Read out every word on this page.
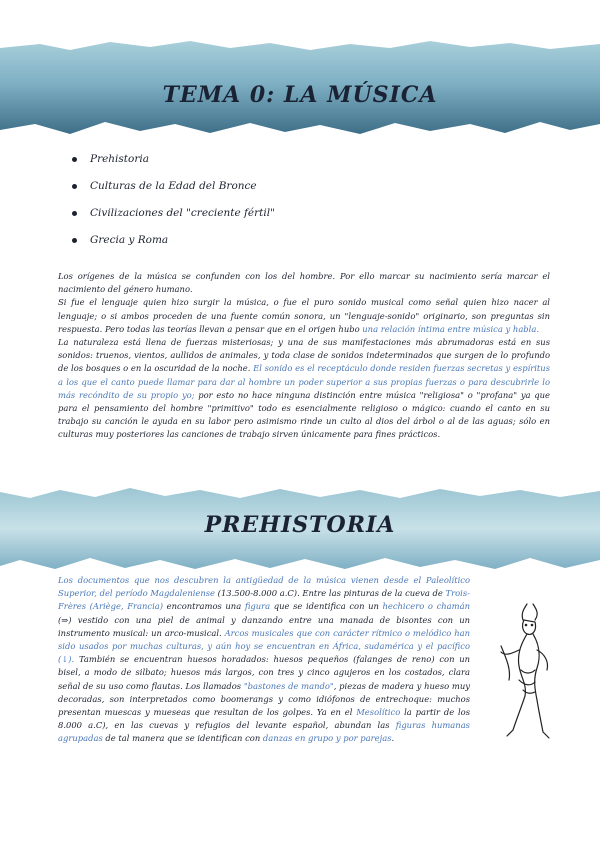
TEMA 0: LA MÚSICA
Prehistoria
Culturas de la Edad del Bronce
Civilizaciones del "creciente fértil"
Grecia y Roma
Los orígenes de la música se confunden con los del hombre. Por ello marcar su nacimiento sería marcar el nacimiento del género humano.
Si fue el lenguaje quien hizo surgir la música, o fue el puro sonido musical como señal quien hizo nacer al lenguaje; o si ambos proceden de una fuente común sonora, un "lenguaje-sonido" originario, son preguntas sin respuesta. Pero todas las teorías llevan a pensar que en el origen hubo una relación íntima entre música y habla.
La naturaleza está llena de fuerzas misteriosas; y una de sus manifestaciones más abrumadoras está en sus sonidos: truenos, vientos, aullidos de animales, y toda clase de sonidos indeterminados que surgen de lo profundo de los bosques o en la oscuridad de la noche. El sonido es el receptáculo donde residen fuerzas secretas y espíritus a los que el canto puede llamar para dar al hombre un poder superior a sus propias fuerzas o para descubrirle lo más recóndito de su propio yo; por esto no hace ninguna distinción entre música "religiosa" o "profana" ya que para el pensamiento del hombre "primitivo" todo es esencialmente religioso o mágico: cuando el canto en su trabajo su canción le ayuda en su labor pero asimismo rinde un culto al dios del árbol o al de las aguas; sólo en culturas muy posteriores las canciones de trabajo sirven únicamente para fines prácticos.
PREHISTORIA
Los documentos que nos descubren la antigüedad de la música vienen desde el Paleolítico Superior, del período Magdaleniense (13.500-8.000 a.C). Entre las pinturas de la cueva de Trois-Frères (Ariège, Francia) encontramos una figura que se identifica con un hechicero o chamán (⇒) vestido con una piel de animal y danzando entre una manada de bisontes con un instrumento musical: un arco-musical. Arcos musicales que con carácter rítmico o melódico han sido usados por muchas culturas, y aún hoy se encuentran en África, sudamérica y el pacífico (↓). También se encuentran huesos horadados: huesos pequeños (falanges de reno) con un bisel, a modo de silbato; huesos más largos, con tres y cinco agujeros en los costados, clara señal de su uso como flautas. Los llamados "bastones de mando", piezas de madera y hueso muy decoradas, son interpretados como boomerangs y como idiófonos de entrechoque: muchos presentan muescas y mueseas que resultan de los golpes. Ya en el Mesolítico la partir de los 8.000 a.C), en las cuevas y refugios del levante español, abundan las figuras humanas agrupadas de tal manera que se identifican con danzas en grupo y por parejas.
